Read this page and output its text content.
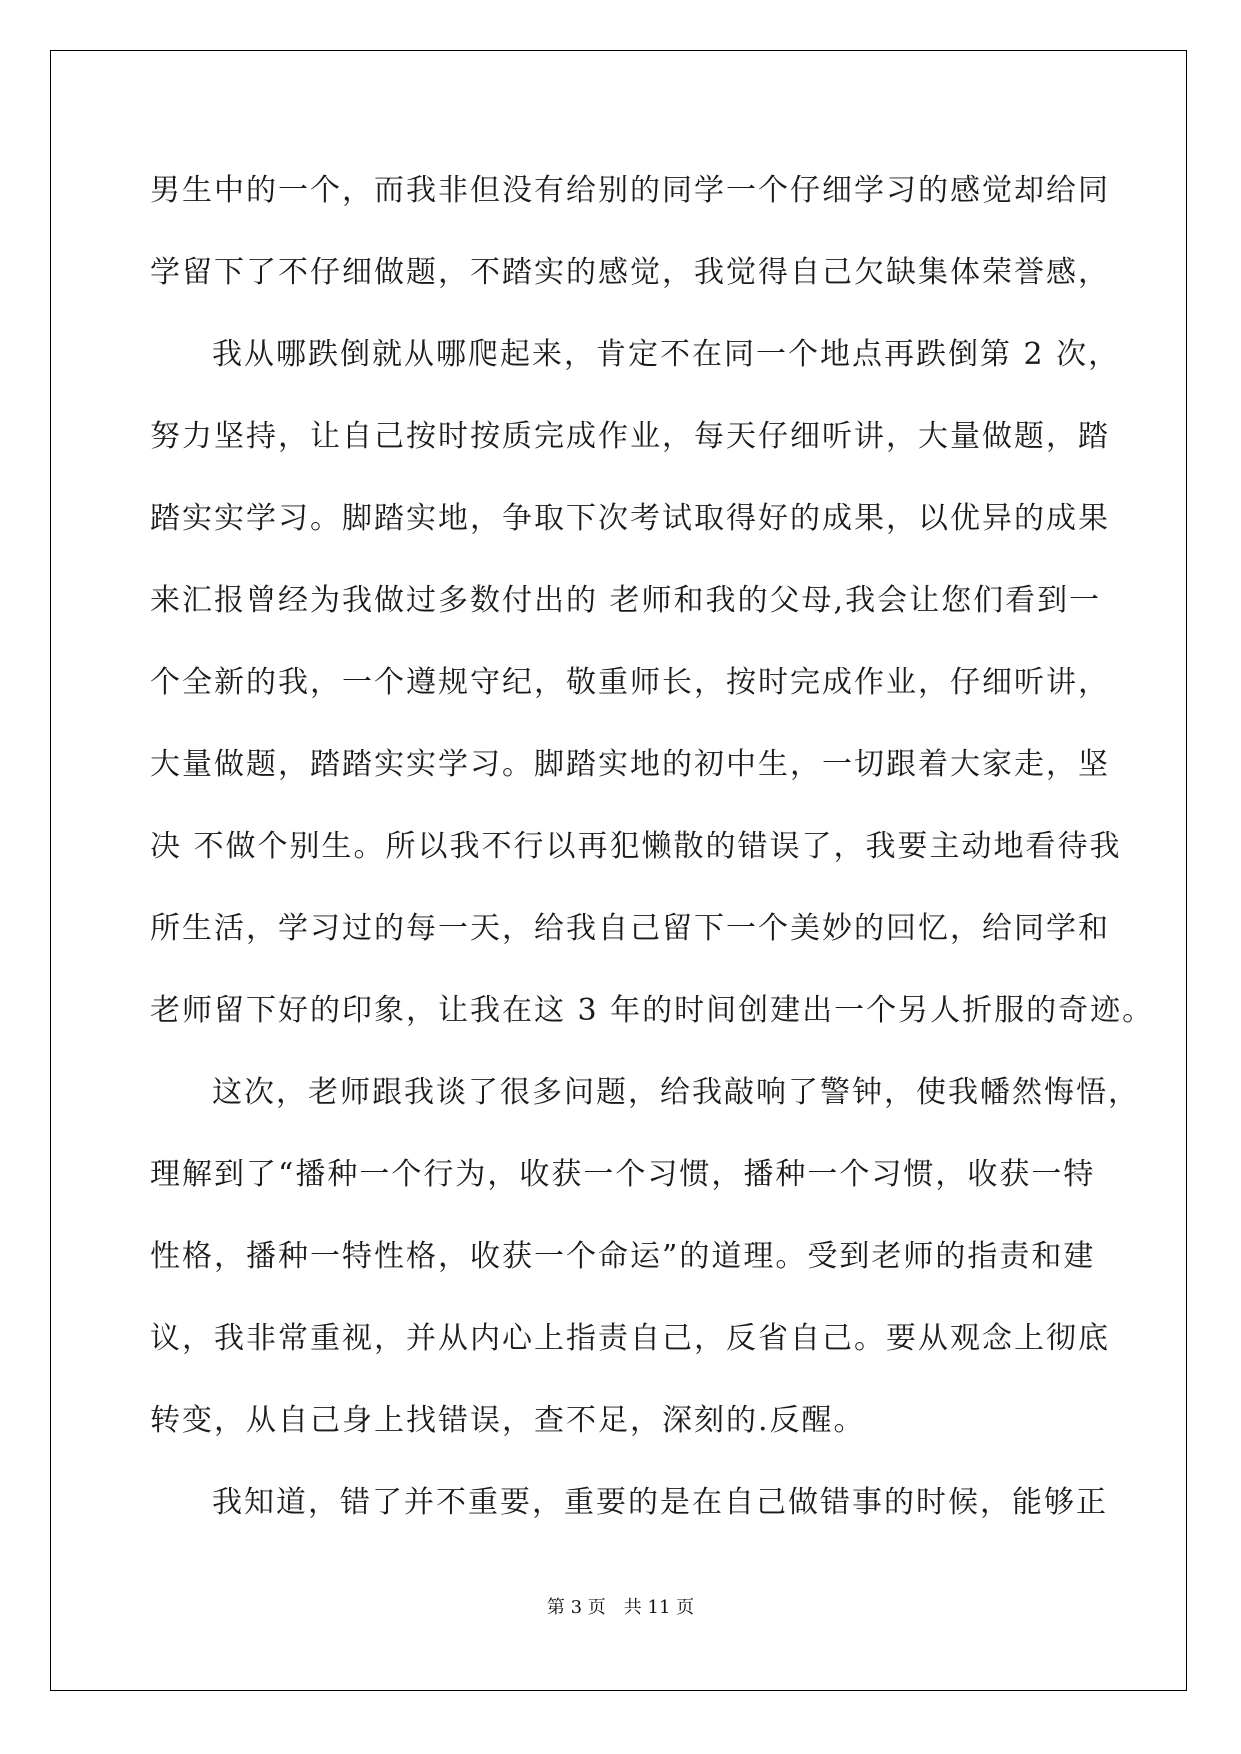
男生中的一个，而我非但没有给别的同学一个仔细学习的感觉却给同
学留下了不仔细做题，不踏实的感觉，我觉得自己欠缺集体荣誉感，
我从哪跌倒就从哪爬起来，肯定不在同一个地点再跌倒第 2 次，
努力坚持，让自己按时按质完成作业，每天仔细听讲，大量做题，踏
踏实实学习。脚踏实地，争取下次考试取得好的成果，以优异的成果
来汇报曾经为我做过多数付出的 老师和我的父母,我会让您们看到一
个全新的我，一个遵规守纪，敬重师长，按时完成作业，仔细听讲，
大量做题，踏踏实实学习。脚踏实地的初中生，一切跟着大家走，坚
决 不做个别生。所以我不行以再犯懒散的错误了，我要主动地看待我
所生活，学习过的每一天，给我自己留下一个美妙的回忆，给同学和
老师留下好的印象，让我在这 3 年的时间创建出一个另人折服的奇迹。
这次，老师跟我谈了很多问题，给我敲响了警钟，使我幡然悔悟，
理解到了“播种一个行为，收获一个习惯，播种一个习惯，收获一特
性格，播种一特性格，收获一个命运”的道理。受到老师的指责和建
议，我非常重视，并从内心上指责自己，反省自己。要从观念上彻底
转变，从自己身上找错误，查不足，深刻的.反醒。
我知道，错了并不重要，重要的是在自己做错事的时候，能够正
第 3 页　共 11 页
